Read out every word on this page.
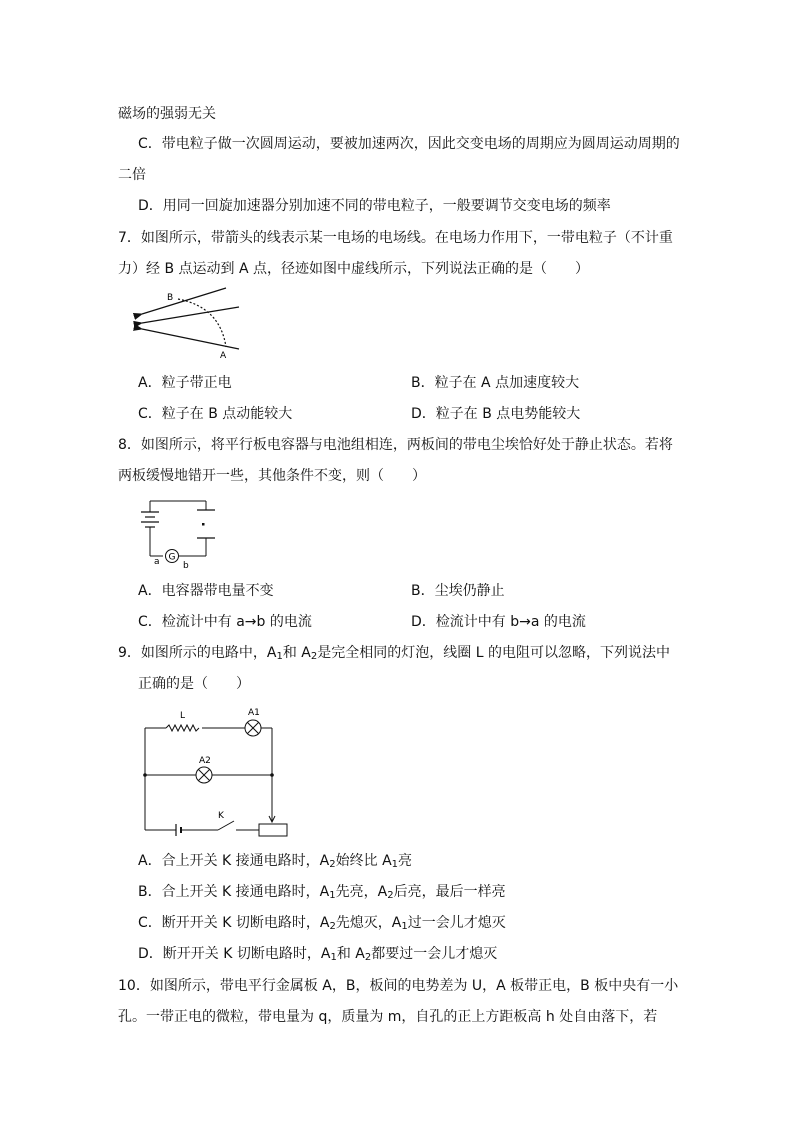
磁场的强弱无关
C．带电粒子做一次圆周运动，要被加速两次，因此交变电场的周期应为圆周运动周期的
二倍
D．用同一回旋加速器分别加速不同的带电粒子，一般要调节交变电场的频率
7．如图所示，带箭头的线表示某一电场的电场线。在电场力作用下，一带电粒子（不计重
力）经 B 点运动到 A 点，径迹如图中虚线所示，下列说法正确的是（　　）
B
A
A．粒子带正电	B．粒子在 A 点加速度较大
C．粒子在 B 点动能较大	D．粒子在 B 点电势能较大
8．如图所示，将平行板电容器与电池组相连，两板间的带电尘埃恰好处于静止状态。若将
两板缓慢地错开一些，其他条件不变，则（　　）
G
a	b
A．电容器带电量不变	B．尘埃仍静止
C．检流计中有 a→b 的电流	D．检流计中有 b→a 的电流
9．如图所示的电路中，$A_1$和 $A_2$是完全相同的灯泡，线圈 L 的电阻可以忽略，下列说法中
正确的是（　　）
L	A1
A2
K
A．合上开关 K 接通电路时，$A_2$始终比 $A_1$亮
B．合上开关 K 接通电路时，$A_1$先亮，$A_2$后亮，最后一样亮
C．断开开关 K 切断电路时，$A_2$先熄灭，$A_1$过一会儿才熄灭
D．断开开关 K 切断电路时，$A_1$和 $A_2$都要过一会儿才熄灭
10．如图所示，带电平行金属板 A，B，板间的电势差为 U，A 板带正电，B 板中央有一小
孔。一带正电的微粒，带电量为 q，质量为 m，自孔的正上方距板高 h 处自由落下，若
